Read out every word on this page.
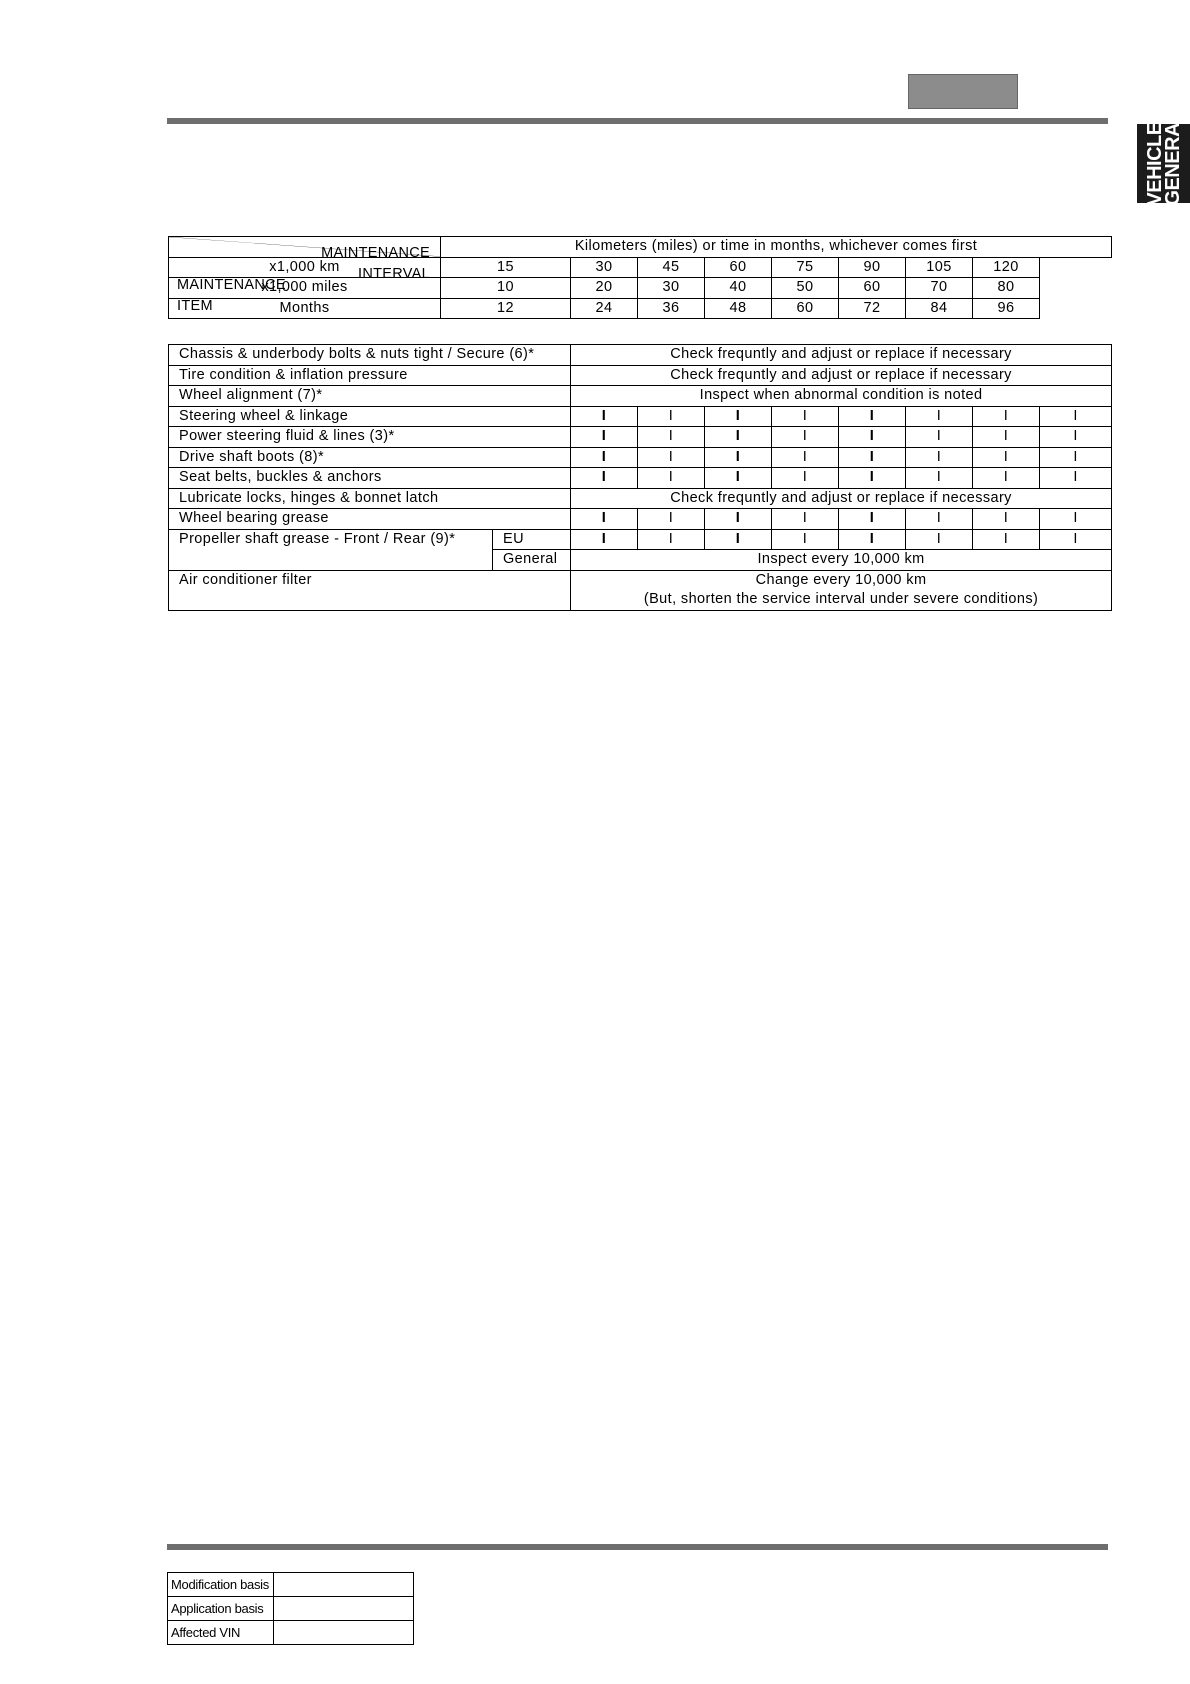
VEHICLE
GENERA
MAINTENANCE
INTERVAL
MAINTENANCE
ITEM	Kilometers (miles) or time in months, whichever comes first							
x1,000 km	15	30	45	60	75	90	105	120
x1,000 miles	10	20	30	40	50	60	70	80
Months	12	24	36	48	60	72	84	96
Chassis & underbody bolts & nuts tight / Secure (6)*		Check frequntly and adjust or replace if necessary							
Tire condition & inflation pressure		Check frequntly and adjust or replace if necessary							
Wheel alignment (7)*		Inspect when abnormal condition is noted							
Steering wheel & linkage		I	I	I	I	I	I	I	I
Power steering fluid & lines (3)*		I	I	I	I	I	I	I	I
Drive shaft boots (8)*		I	I	I	I	I	I	I	I
Seat belts, buckles & anchors		I	I	I	I	I	I	I	I
Lubricate locks, hinges & bonnet latch		Check frequntly and adjust or replace if necessary							
Wheel bearing grease		I	I	I	I	I	I	I	I
Propeller shaft grease - Front / Rear (9)*	EU	I	I	I	I	I	I	I	I
	General	Inspect every 10,000 km							
Air conditioner filter		Change every 10,000 km							
		(But, shorten the service interval under severe conditions)							
Modification basis	
Application basis	
Affected VIN	
